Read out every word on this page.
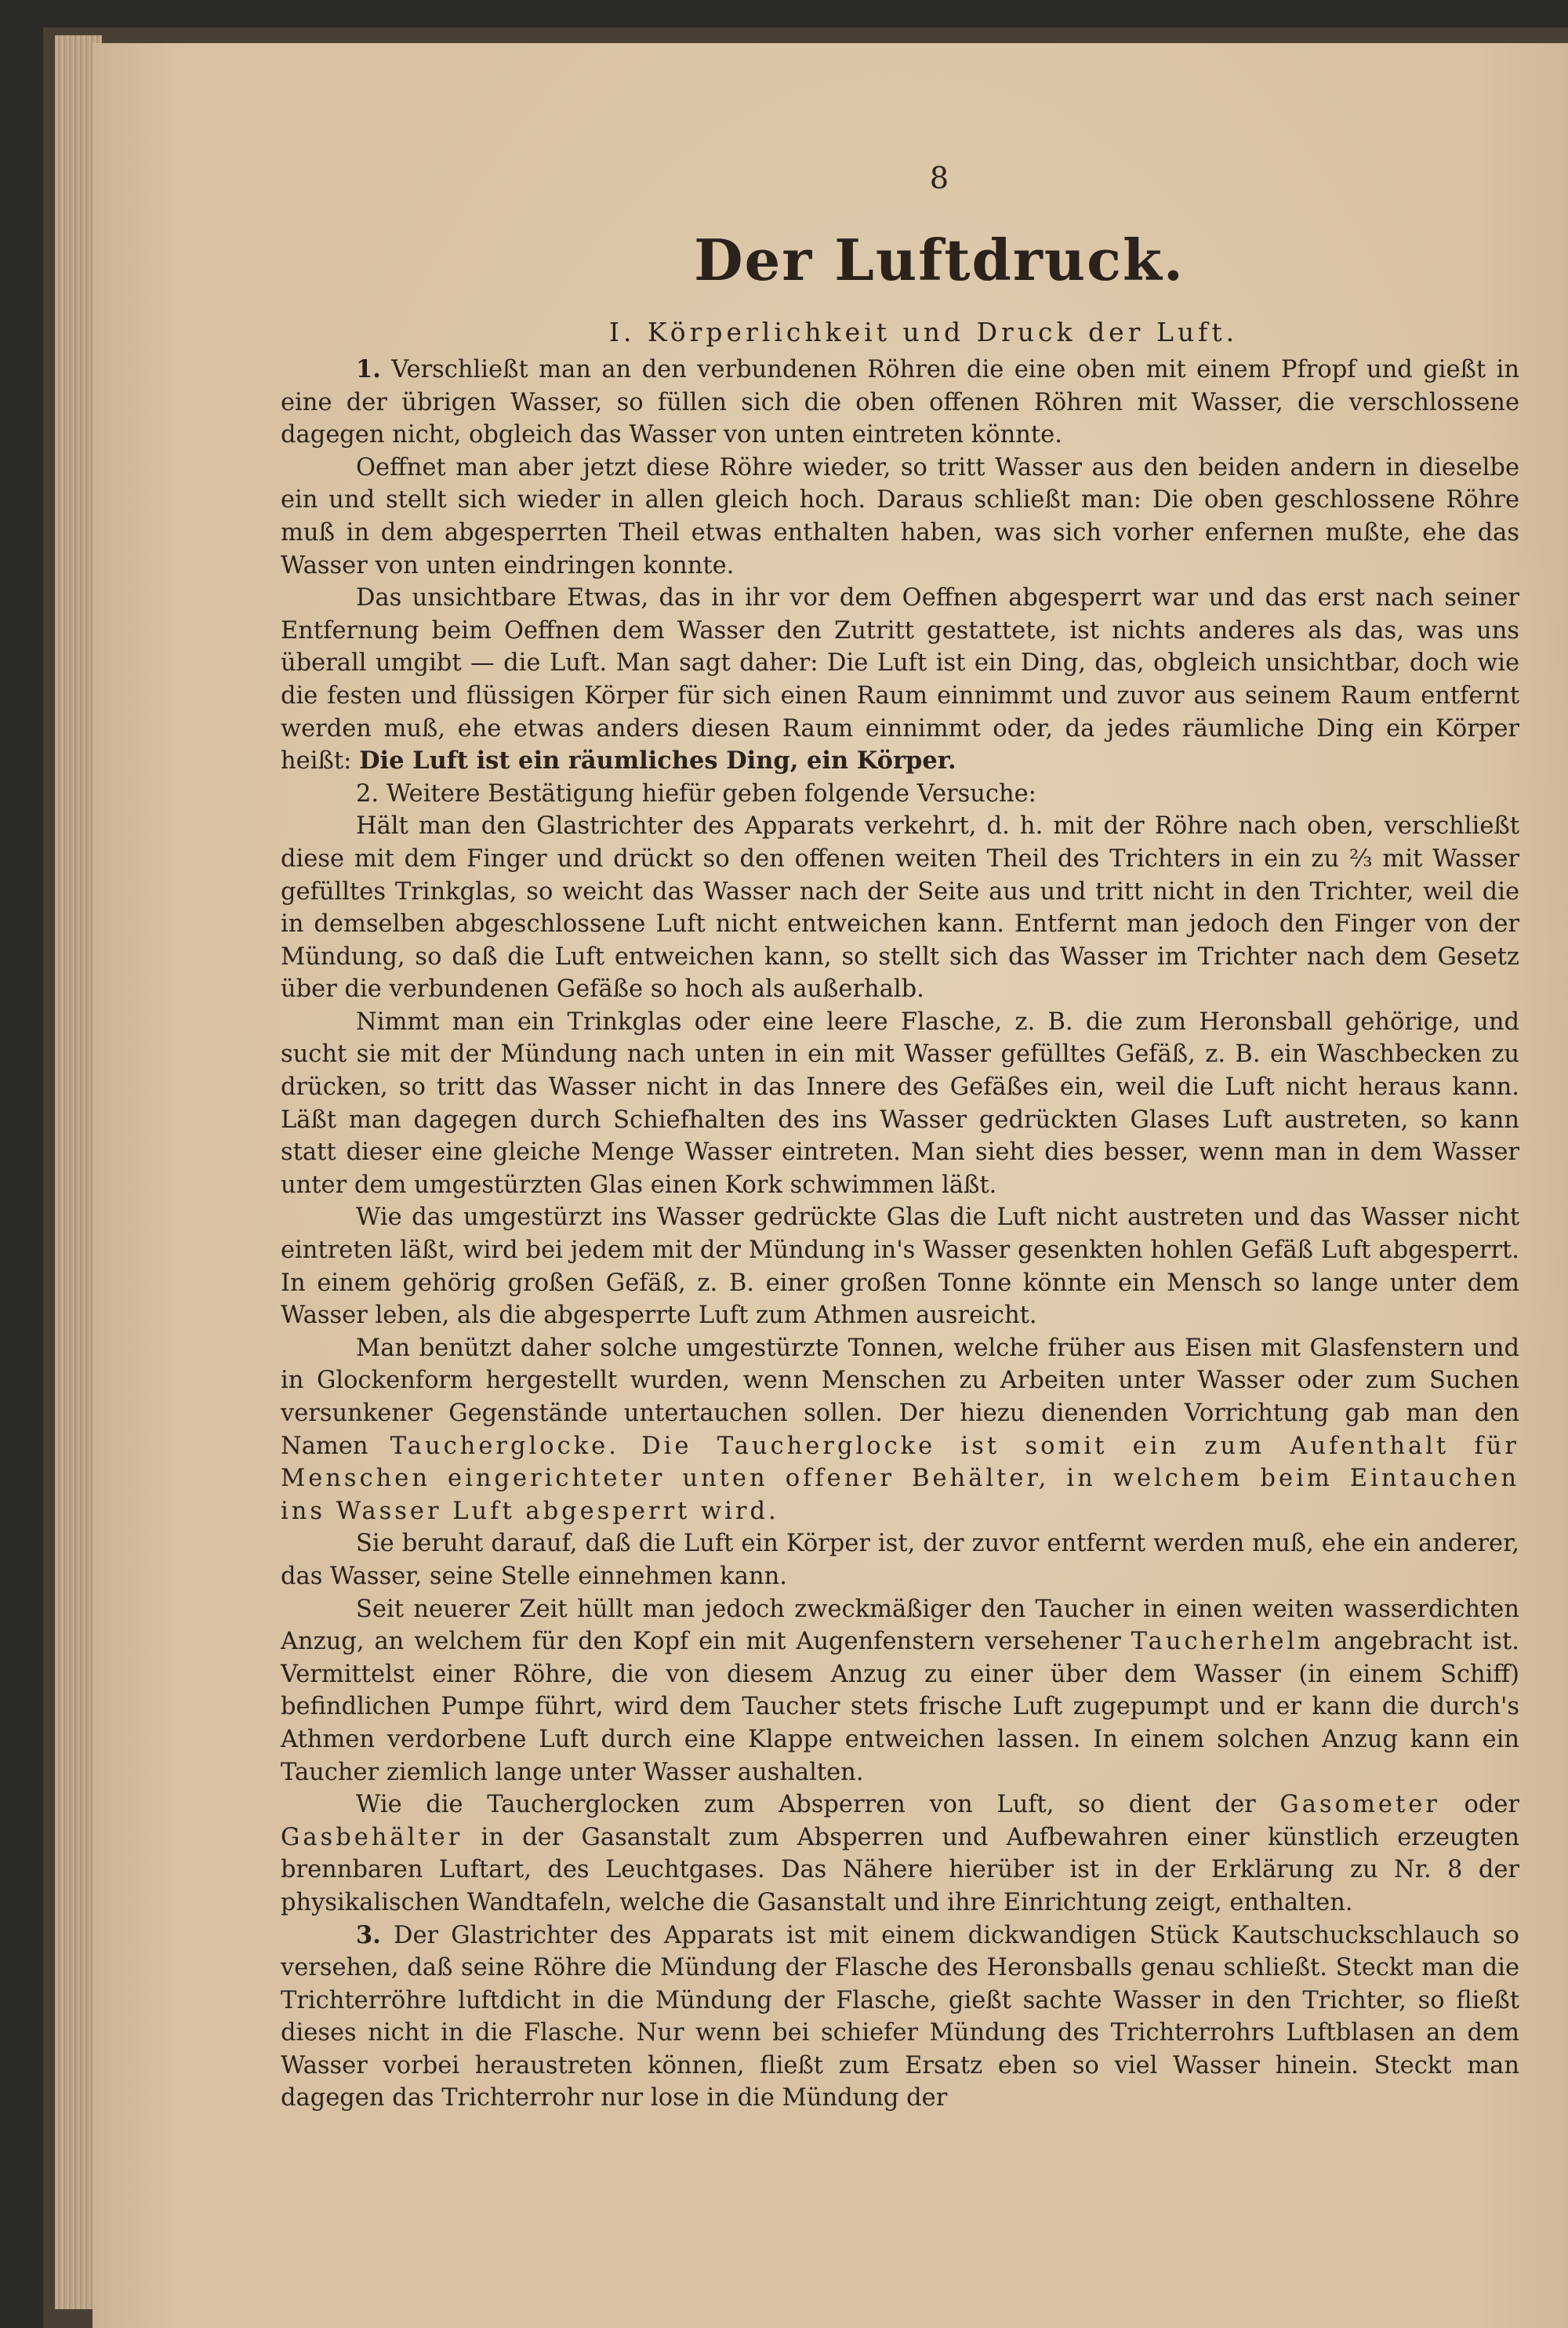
8
Der Luftdruck.
I. Körperlichkeit und Druck der Luft.

1. Verschließt man an den verbundenen Röhren die eine oben mit einem Pfropf und gießt in eine der übrigen Wasser, so füllen sich die oben offenen Röhren mit Wasser, die verschlossene dagegen nicht, obgleich das Wasser von unten eintreten könnte.

Oeffnet man aber jetzt diese Röhre wieder, so tritt Wasser aus den beiden andern in dieselbe ein und stellt sich wieder in allen gleich hoch. Daraus schließt man: Die oben geschlossene Röhre muß in dem abgesperrten Theil etwas enthalten haben, was sich vorher enfernen mußte, ehe das Wasser von unten eindringen konnte.

Das unsichtbare Etwas, das in ihr vor dem Oeffnen abgesperrt war und das erst nach seiner Entfernung beim Oeffnen dem Wasser den Zutritt gestattete, ist nichts anderes als das, was uns überall umgibt — die Luft. Man sagt daher: Die Luft ist ein Ding, das, obgleich unsichtbar, doch wie die festen und flüssigen Körper für sich einen Raum einnimmt und zuvor aus seinem Raum entfernt werden muß, ehe etwas anders diesen Raum einnimmt oder, da jedes räumliche Ding ein Körper heißt: Die Luft ist ein räumliches Ding, ein Körper.

2. Weitere Bestätigung hiefür geben folgende Versuche:

Hält man den Glastrichter des Apparats verkehrt, d. h. mit der Röhre nach oben, verschließt diese mit dem Finger und drückt so den offenen weiten Theil des Trichters in ein zu ²⁄₃ mit Wasser gefülltes Trinkglas, so weicht das Wasser nach der Seite aus und tritt nicht in den Trichter, weil die in demselben abgeschlossene Luft nicht entweichen kann. Entfernt man jedoch den Finger von der Mündung, so daß die Luft entweichen kann, so stellt sich das Wasser im Trichter nach dem Gesetz über die verbundenen Gefäße so hoch als außerhalb.

Nimmt man ein Trinkglas oder eine leere Flasche, z. B. die zum Heronsball gehörige, und sucht sie mit der Mündung nach unten in ein mit Wasser gefülltes Gefäß, z. B. ein Waschbecken zu drücken, so tritt das Wasser nicht in das Innere des Gefäßes ein, weil die Luft nicht heraus kann. Läßt man dagegen durch Schiefhalten des ins Wasser gedrückten Glases Luft austreten, so kann statt dieser eine gleiche Menge Wasser eintreten. Man sieht dies besser, wenn man in dem Wasser unter dem umgestürzten Glas einen Kork schwimmen läßt.

Wie das umgestürzt ins Wasser gedrückte Glas die Luft nicht austreten und das Wasser nicht eintreten läßt, wird bei jedem mit der Mündung in's Wasser gesenkten hohlen Gefäß Luft abgesperrt. In einem gehörig großen Gefäß, z. B. einer großen Tonne könnte ein Mensch so lange unter dem Wasser leben, als die abgesperrte Luft zum Athmen ausreicht.

Man benützt daher solche umgestürzte Tonnen, welche früher aus Eisen mit Glasfenstern und in Glockenform hergestellt wurden, wenn Menschen zu Arbeiten unter Wasser oder zum Suchen versunkener Gegenstände untertauchen sollen. Der hiezu dienenden Vorrichtung gab man den Namen Taucherglocke. Die Taucherglocke ist somit ein zum Aufenthalt für Menschen eingerichteter unten offener Behälter, in welchem beim Eintauchen ins Wasser Luft abgesperrt wird.

Sie beruht darauf, daß die Luft ein Körper ist, der zuvor entfernt werden muß, ehe ein anderer, das Wasser, seine Stelle einnehmen kann.

Seit neuerer Zeit hüllt man jedoch zweckmäßiger den Taucher in einen weiten wasserdichten Anzug, an welchem für den Kopf ein mit Augenfenstern versehener Taucherhelm angebracht ist. Vermittelst einer Röhre, die von diesem Anzug zu einer über dem Wasser (in einem Schiff) befindlichen Pumpe führt, wird dem Taucher stets frische Luft zugepumpt und er kann die durch's Athmen verdorbene Luft durch eine Klappe entweichen lassen. In einem solchen Anzug kann ein Taucher ziemlich lange unter Wasser aushalten.

Wie die Taucherglocken zum Absperren von Luft, so dient der Gasometer oder Gasbehälter in der Gasanstalt zum Absperren und Aufbewahren einer künstlich erzeugten brennbaren Luftart, des Leuchtgases. Das Nähere hierüber ist in der Erklärung zu Nr. 8 der physikalischen Wandtafeln, welche die Gasanstalt und ihre Einrichtung zeigt, enthalten.

3. Der Glastrichter des Apparats ist mit einem dickwandigen Stück Kautschuckschlauch so versehen, daß seine Röhre die Mündung der Flasche des Heronsballs genau schließt. Steckt man die Trichterröhre luftdicht in die Mündung der Flasche, gießt sachte Wasser in den Trichter, so fließt dieses nicht in die Flasche. Nur wenn bei schiefer Mündung des Trichterrohrs Luftblasen an dem Wasser vorbei heraustreten können, fließt zum Ersatz eben so viel Wasser hinein. Steckt man dagegen das Trichterrohr nur lose in die Mündung der
